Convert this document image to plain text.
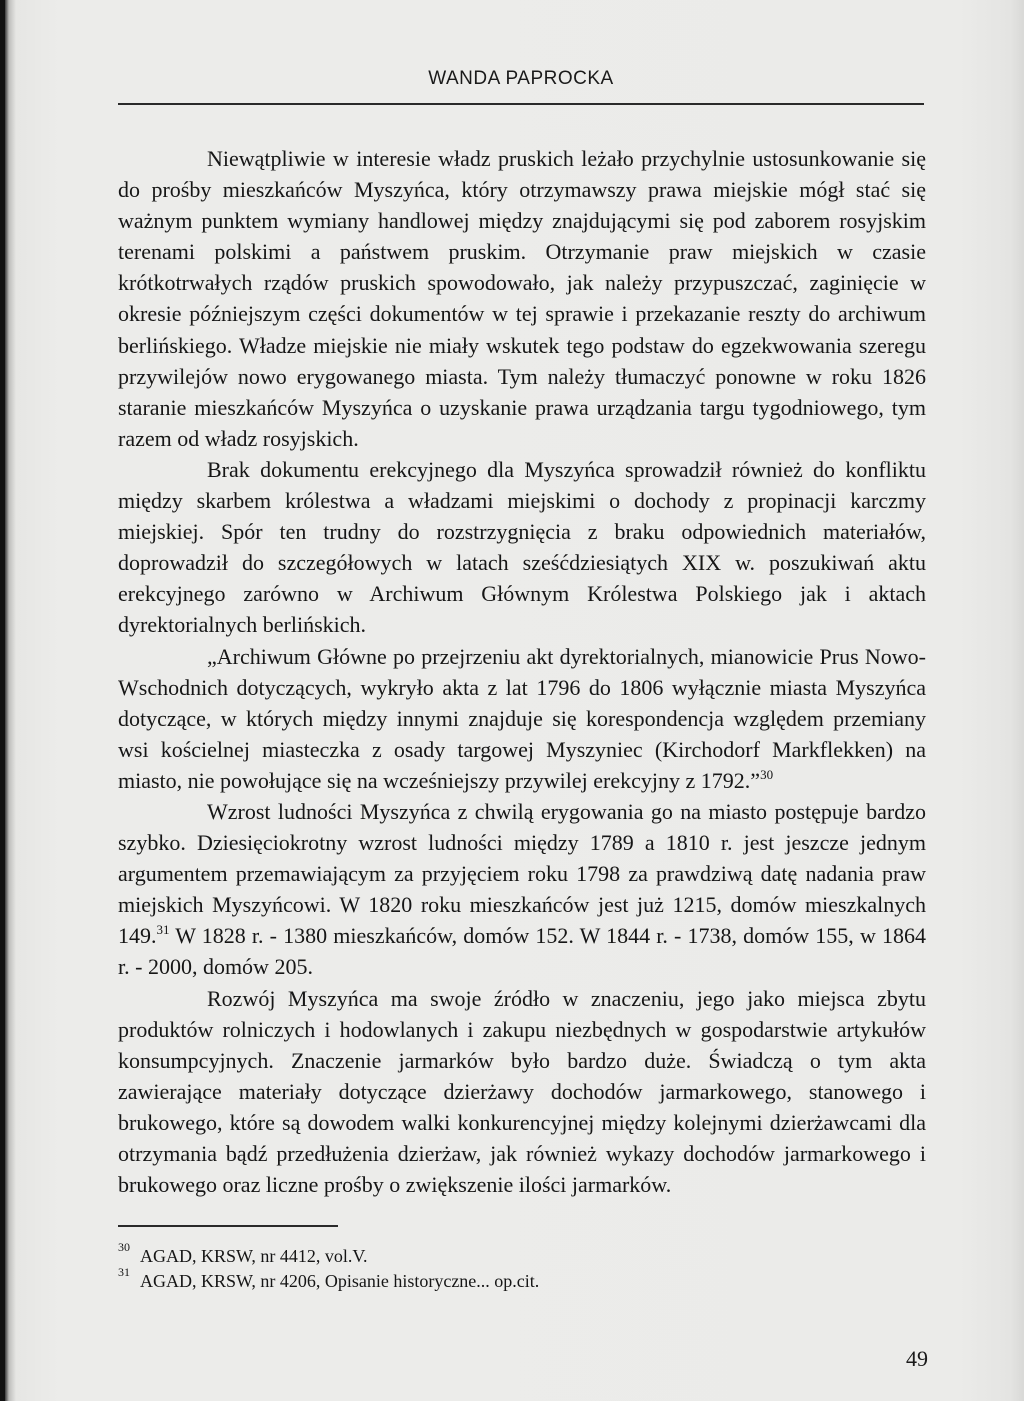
WANDA PAPROCKA

Niewątpliwie w interesie władz pruskich leżało przychylnie ustosunkowanie się do prośby mieszkańców Myszyńca, który otrzymawszy prawa miejskie mógł stać się ważnym punktem wymiany handlowej między znajdującymi się pod zaborem rosyjskim terenami polskimi a państwem pruskim. Otrzymanie praw miejskich w czasie krótkotrwałych rządów pruskich spowodowało, jak należy przypuszczać, zaginięcie w okresie późniejszym części dokumentów w tej sprawie i przekazanie reszty do archiwum berlińskiego. Władze miejskie nie miały wskutek tego podstaw do egzekwowania szeregu przywilejów nowo erygowanego miasta. Tym należy tłumaczyć ponowne w roku 1826 staranie mieszkańców Myszyńca o uzyskanie prawa urządzania targu tygodniowego, tym razem od władz rosyjskich.

Brak dokumentu erekcyjnego dla Myszyńca sprowadził również do konfliktu między skarbem królestwa a władzami miejskimi o dochody z propinacji karczmy miejskiej. Spór ten trudny do rozstrzygnięcia z braku odpowiednich materiałów, doprowadził do szczegółowych w latach sześćdziesiątych XIX w. poszukiwań aktu erekcyjnego zarówno w Archiwum Głównym Królestwa Polskiego jak i aktach dyrektorialnych berlińskich.

„Archiwum Główne po przejrzeniu akt dyrektorialnych, mianowicie Prus Nowo-Wschodnich dotyczących, wykryło akta z lat 1796 do 1806 wyłącznie miasta Myszyńca dotyczące, w których między innymi znajduje się korespondencja względem przemiany wsi kościelnej miasteczka z osady targowej Myszyniec (Kirchodorf Markflekken) na miasto, nie powołujące się na wcześniejszy przywilej erekcyjny z 1792.”$^{30}$

Wzrost ludności Myszyńca z chwilą erygowania go na miasto postępuje bardzo szybko. Dziesięciokrotny wzrost ludności między 1789 a 1810 r. jest jeszcze jednym argumentem przemawiającym za przyjęciem roku 1798 za prawdziwą datę nadania praw miejskich Myszyńcowi. W 1820 roku mieszkańców jest już 1215, domów mieszkalnych 149.31 W 1828 r. - 1380 mieszkańców, domów 152. W 1844 r. - 1738, domów 155, w 1864 r. - 2000, domów 205.

Rozwój Myszyńca ma swoje źródło w znaczeniu, jego jako miejsca zbytu produktów rolniczych i hodowlanych i zakupu niezbędnych w gospodarstwie artykułów konsumpcyjnych. Znaczenie jarmarków było bardzo duże. Świadczą o tym akta zawierające materiały dotyczące dzierżawy dochodów jarmarkowego, stanowego i brukowego, które są dowodem walki konkurencyjnej między kolejnymi dzierżawcami dla otrzymania bądź przedłużenia dzierżaw, jak również wykazy dochodów jarmarkowego i brukowego oraz liczne prośby o zwiększenie ilości jarmarków.

30 AGAD, KRSW, nr 4412, vol.V.
31 AGAD, KRSW, nr 4206, Opisanie historyczne... op.cit.
49
